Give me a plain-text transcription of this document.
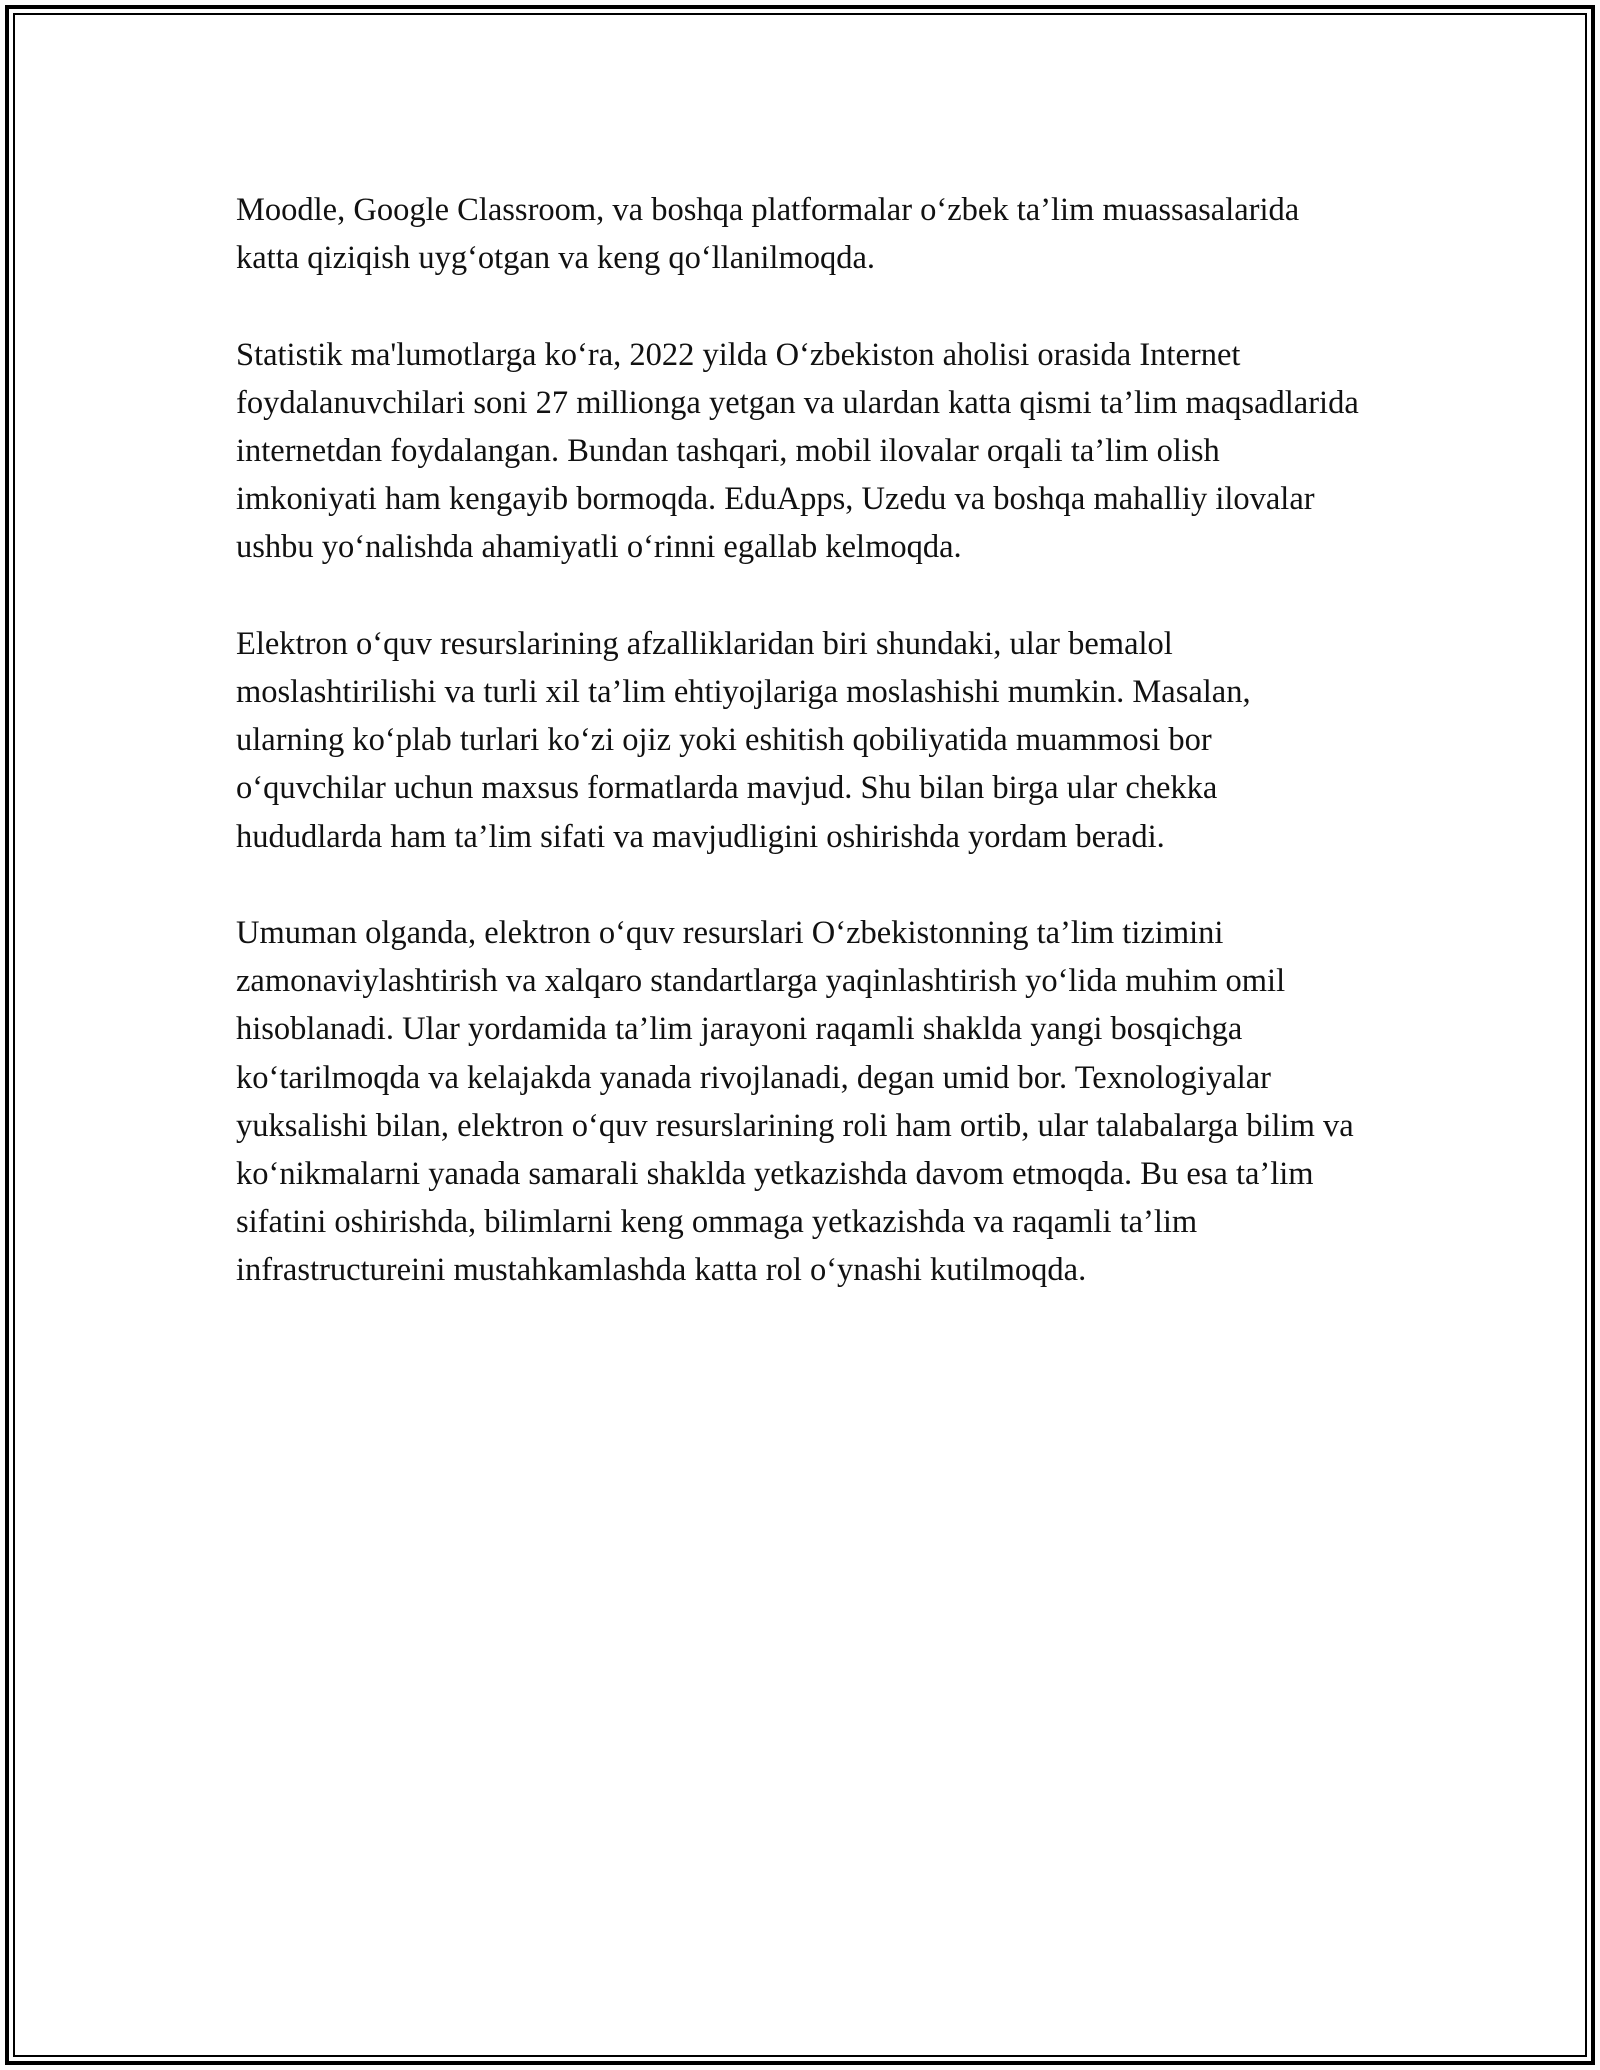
Moodle, Google Classroom, va boshqa platformalar o‘zbek ta’lim muassasalarida katta qiziqish uyg‘otgan va keng qo‘llanilmoqda.

Statistik ma'lumotlarga ko‘ra, 2022 yilda O‘zbekiston aholisi orasida Internet foydalanuvchilari soni 27 millionga yetgan va ulardan katta qismi ta’lim maqsadlarida internetdan foydalangan. Bundan tashqari, mobil ilovalar orqali ta’lim olish imkoniyati ham kengayib bormoqda. EduApps, Uzedu va boshqa mahalliy ilovalar ushbu yo‘nalishda ahamiyatli o‘rinni egallab kelmoqda.

Elektron o‘quv resurslarining afzalliklaridan biri shundaki, ular bemalol moslashtirilishi va turli xil ta’lim ehtiyojlariga moslashishi mumkin. Masalan, ularning ko‘plab turlari ko‘zi ojiz yoki eshitish qobiliyatida muammosi bor o‘quvchilar uchun maxsus formatlarda mavjud. Shu bilan birga ular chekka hududlarda ham ta’lim sifati va mavjudligini oshirishda yordam beradi.

Umuman olganda, elektron o‘quv resurslari O‘zbekistonning ta’lim tizimini zamonaviylashtirish va xalqaro standartlarga yaqinlashtirish yo‘lida muhim omil hisoblanadi. Ular yordamida ta’lim jarayoni raqamli shaklda yangi bosqichga ko‘tarilmoqda va kelajakda yanada rivojlanadi, degan umid bor. Texnologiyalar yuksalishi bilan, elektron o‘quv resurslarining roli ham ortib, ular talabalarga bilim va ko‘nikmalarni yanada samarali shaklda yetkazishda davom etmoqda. Bu esa ta’lim sifatini oshirishda, bilimlarni keng ommaga yetkazishda va raqamli ta’lim infrastructureini mustahkamlashda katta rol o‘ynashi kutilmoqda.
